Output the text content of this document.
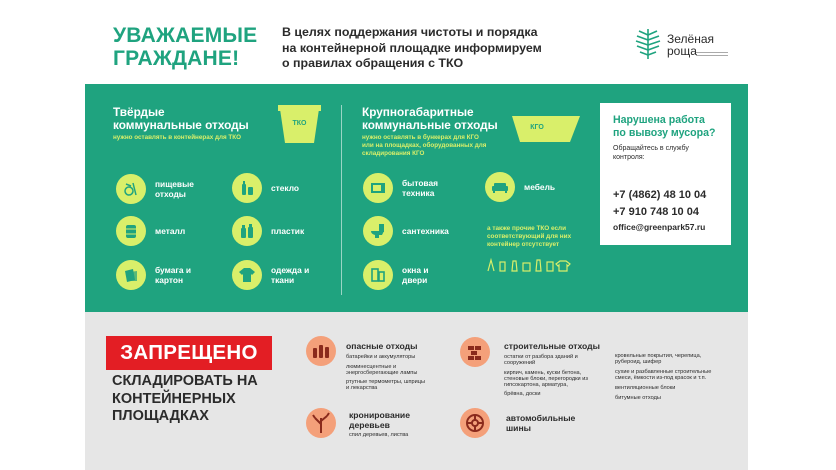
УВАЖАЕМЫЕ
ГРАЖДАНЕ!
В целях поддержания чистоты и порядка
на контейнерной площадке информируем
о правилах обращения с ТКО
Зелёная
роща
Твёрдые
коммунальные отходы
нужно оставлять в контейнерах для ТКО
ТКО
пищевые
отходы
стекло
металл	пластик
бумага и
картон
одежда и
ткани
Крупногабаритные
коммунальные отходы
нужно оставлять в бункерах для КГО
или на площадках, оборудованных для
складирования КГО
КГО
бытовая
техника
мебель
сантехника
окна и
двери
а также прочие ТКО если
соответствующий для них
контейнер отсутствует
Нарушена работа
по вывозу мусора?
Обращайтесь в службу
контроля:
+7 (4862) 48 10 04
+7 910 748 10 04
office@greenpark57.ru
ЗАПРЕЩЕНО
СКЛАДИРОВАТЬ НА
КОНТЕЙНЕРНЫХ
ПЛОЩАДКАХ
опасные отходы
батарейки и аккумуляторы
люминесцентные и
энергосберегающие лампы
ртутные термометры, шприцы
и лекарства
строительные отходы
остатки от разбора зданий и
сооружений
кирпич, камень, куски бетона,
стеновые блоки, перегородки из
гипсокартона, арматура,
брёвна, доски
кровельные покрытия, черепица,
рубероид, шифер
сухие и разбавленные строительные
смеси, ёмкости из-под красок и т.п.
вентиляционные блоки
битумные отходы
кронирование
деревьев
спил деревьев, листва
автомобильные
шины
